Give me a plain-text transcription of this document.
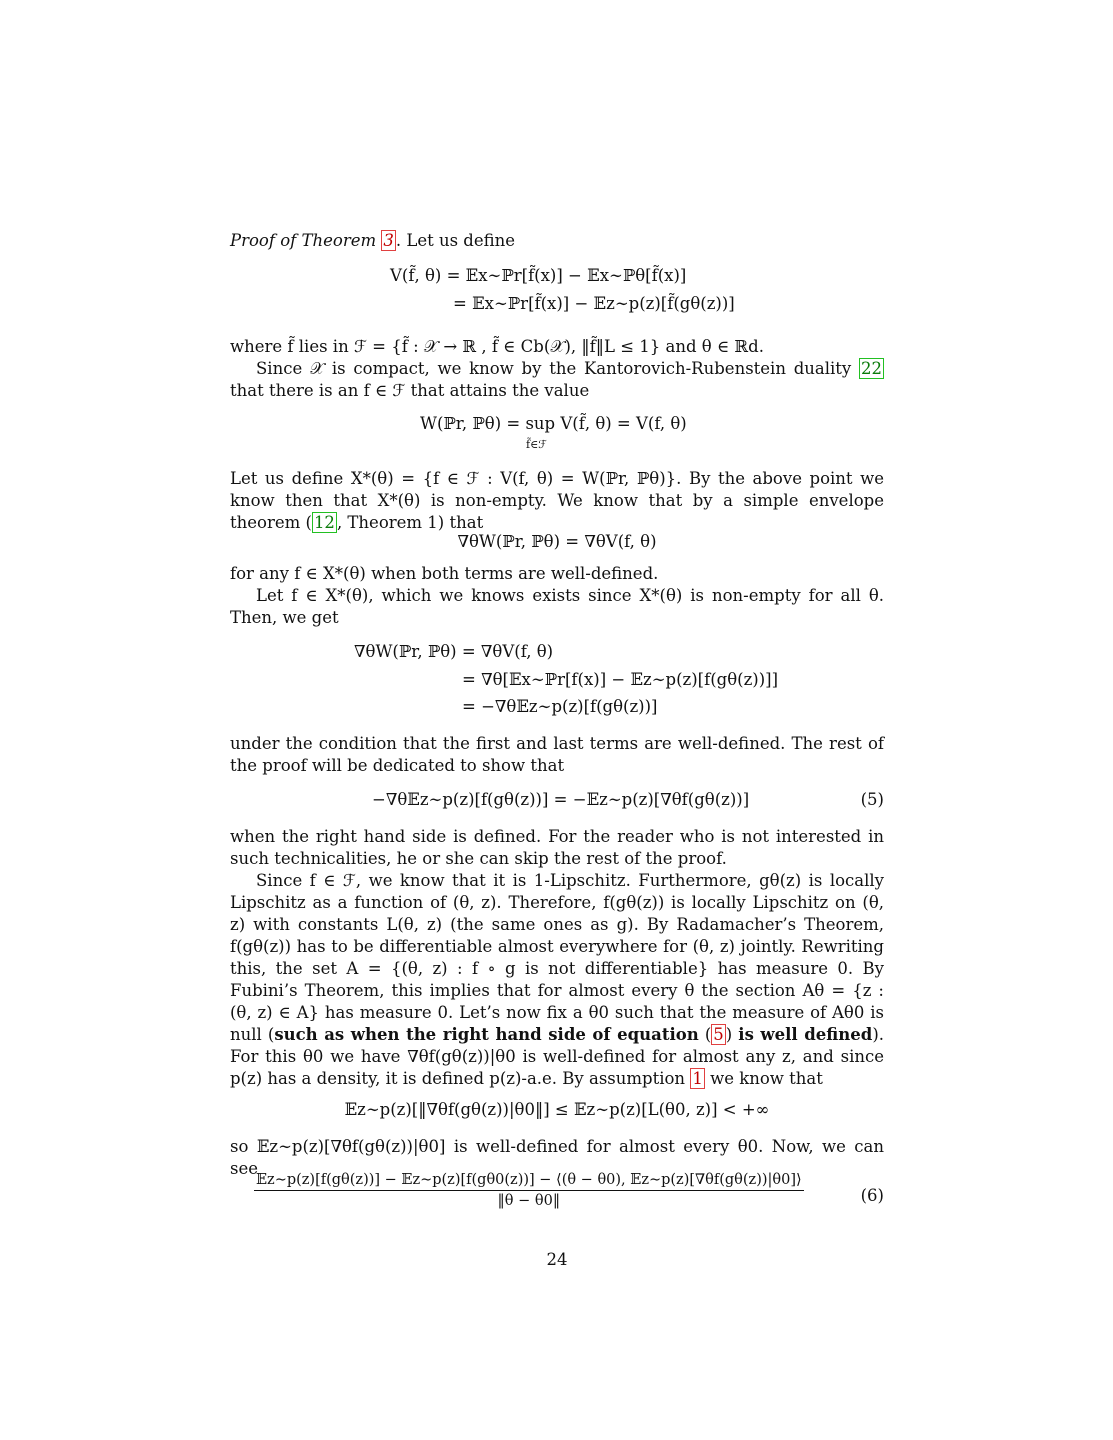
Proof of Theorem 3 . Let us define
V(f̃, θ) = 𝔼x∼ℙr[f̃(x)] − 𝔼x∼ℙθ[f̃(x)]
= 𝔼x∼ℙr[f̃(x)] − 𝔼z∼p(z)[f̃(gθ(z))]
where f̃ lies in ℱ = {f̃ : 𝒳 → ℝ , f̃ ∈ Cb(𝒳), ‖f̃‖L ≤ 1} and θ ∈ ℝd.
Since 𝒳 is compact, we know by the Kantorovich-Rubenstein duality 22 that there is an f ∈ ℱ that attains the value
W(ℙr, ℙθ) = sup V(f̃, θ) = V(f, θ)
f̃∈ℱ
Let us define X*(θ) = {f ∈ ℱ : V(f, θ) = W(ℙr, ℙθ)}. By the above point we know then that X*(θ) is non-empty. We know that by a simple envelope theorem ( 12 , Theorem 1) that
∇θW(ℙr, ℙθ) = ∇θV(f, θ)
for any f ∈ X*(θ) when both terms are well-defined.
Let f ∈ X*(θ), which we knows exists since X*(θ) is non-empty for all θ. Then, we get
∇θW(ℙr, ℙθ) = ∇θV(f, θ)
= ∇θ[𝔼x∼ℙr[f(x)] − 𝔼z∼p(z)[f(gθ(z))]]
= −∇θ𝔼z∼p(z)[f(gθ(z))]
under the condition that the first and last terms are well-defined. The rest of the proof will be dedicated to show that
−∇θ𝔼z∼p(z)[f(gθ(z))] = −𝔼z∼p(z)[∇θf(gθ(z))]	(5)
when the right hand side is defined. For the reader who is not interested in such technicalities, he or she can skip the rest of the proof.
Since f ∈ ℱ, we know that it is 1-Lipschitz. Furthermore, gθ(z) is locally Lipschitz as a function of (θ, z). Therefore, f(gθ(z)) is locally Lipschitz on (θ, z) with constants L(θ, z) (the same ones as g). By Radamacher’s Theorem, f(gθ(z)) has to be differentiable almost everywhere for (θ, z) jointly. Rewriting this, the set A = {(θ, z) : f ∘ g is not differentiable} has measure 0. By Fubini’s Theorem, this implies that for almost every θ the section Aθ = {z : (θ, z) ∈ A} has measure 0. Let’s now fix a θ0 such that the measure of Aθ0 is null (such as when the right hand side of equation ( 5 ) is well defined). For this θ0 we have ∇θf(gθ(z))|θ0 is well-defined for almost any z, and since p(z) has a density, it is defined p(z)-a.e. By assumption 1 we know that
𝔼z∼p(z)[‖∇θf(gθ(z))|θ0‖] ≤ 𝔼z∼p(z)[L(θ0, z)] < +∞
so 𝔼z∼p(z)[∇θf(gθ(z))|θ0] is well-defined for almost every θ0. Now, we can see
𝔼z∼p(z)[f(gθ(z))] − 𝔼z∼p(z)[f(gθ0(z))] − ⟨(θ − θ0), 𝔼z∼p(z)[∇θf(gθ(z))|θ0]⟩
‖θ − θ0‖	(6)
24
